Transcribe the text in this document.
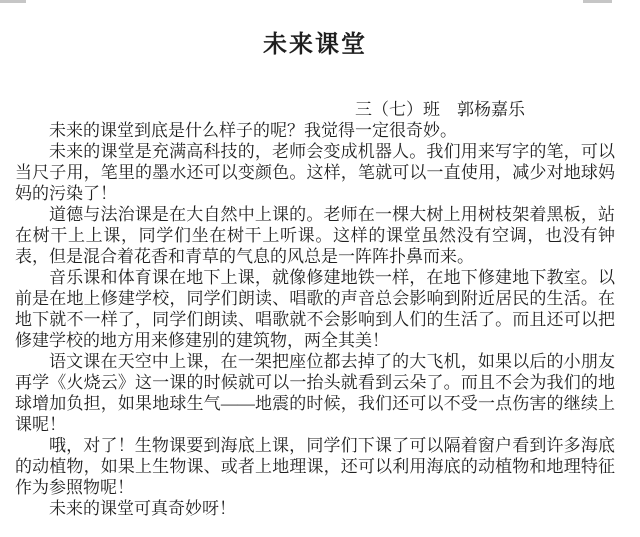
未来课堂
三（七）班　郭杨嘉乐

未来的课堂到底是什么样子的呢？我觉得一定很奇妙。

未来的课堂是充满高科技的，老师会变成机器人。我们用来写字的笔，可以当尺子用，笔里的墨水还可以变颜色。这样，笔就可以一直使用，减少对地球妈妈的污染了！

道德与法治课是在大自然中上课的。老师在一棵大树上用树枝架着黑板，站在树干上上课，同学们坐在树干上听课。这样的课堂虽然没有空调，也没有钟表，但是混合着花香和青草的气息的风总是一阵阵扑鼻而来。

音乐课和体育课在地下上课，就像修建地铁一样，在地下修建地下教室。以前是在地上修建学校，同学们朗读、唱歌的声音总会影响到附近居民的生活。在地下就不一样了，同学们朗读、唱歌就不会影响到人们的生活了。而且还可以把修建学校的地方用来修建别的建筑物，两全其美！

语文课在天空中上课，在一架把座位都去掉了的大飞机，如果以后的小朋友再学《火烧云》这一课的时候就可以一抬头就看到云朵了。而且不会为我们的地球增加负担，如果地球生气——地震的时候，我们还可以不受一点伤害的继续上课呢！

哦，对了！生物课要到海底上课，同学们下课了可以隔着窗户看到许多海底的动植物，如果上生物课、或者上地理课，还可以利用海底的动植物和地理特征作为参照物呢！

未来的课堂可真奇妙呀！
